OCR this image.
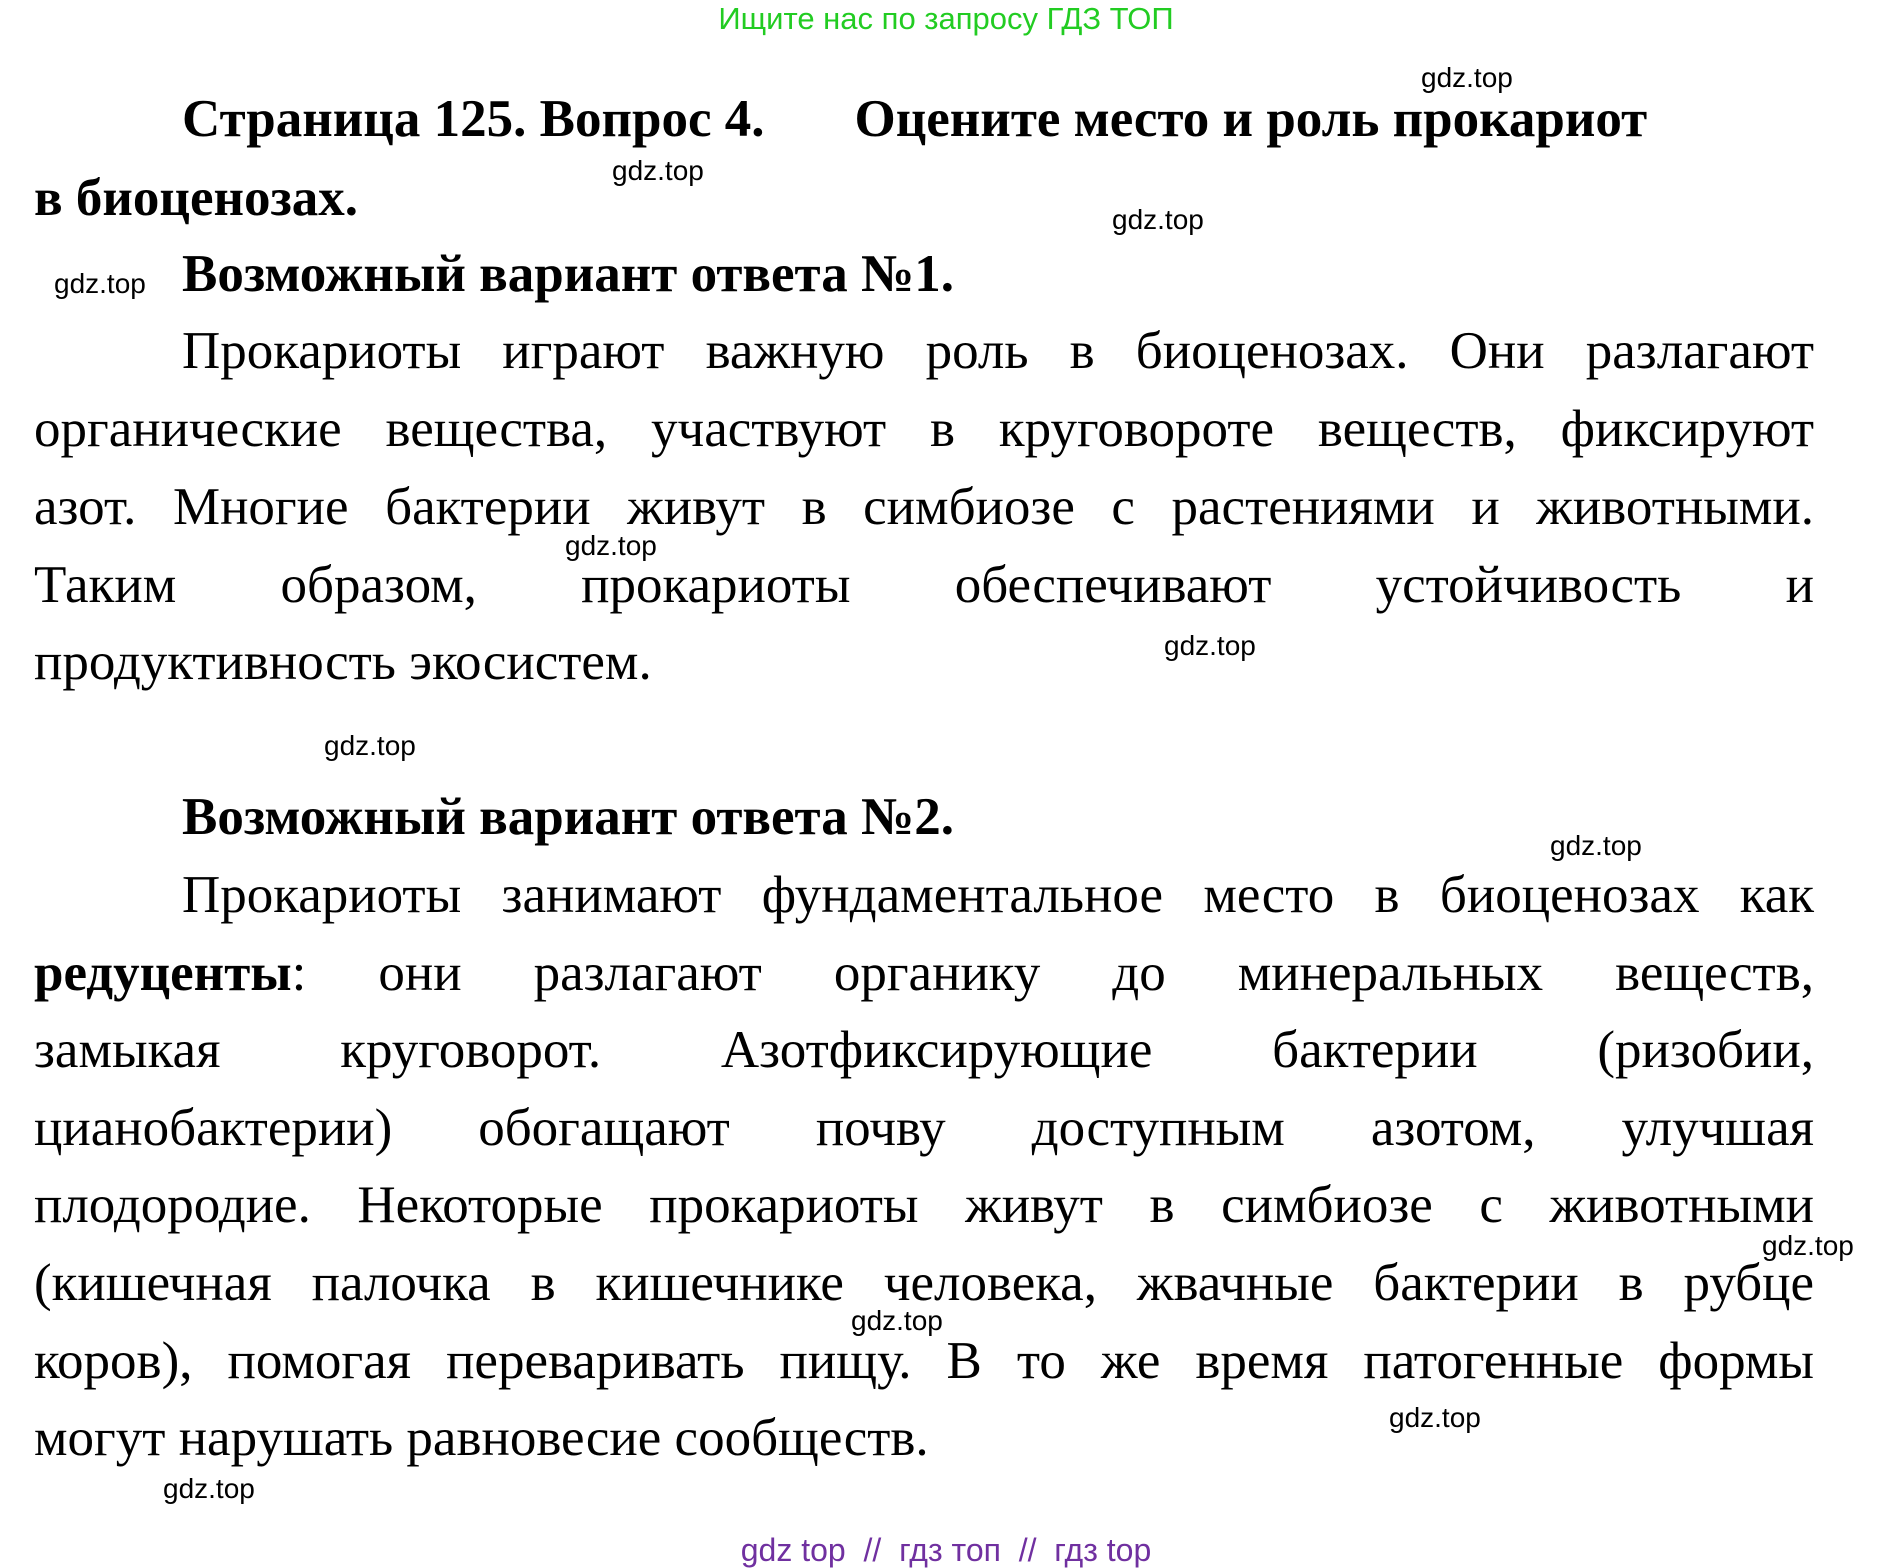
Ищите нас по запросу ГДЗ ТОП
Страница 125. Вопрос 4. Оцените место и роль прокариот
в биоценозах.
Возможный вариант ответа №1.
Прокариоты играют важную роль в биоценозах. Они разлагают
органические вещества, участвуют в круговороте веществ, фиксируют
азот. Многие бактерии живут в симбиозе с растениями и животными.
Таким образом, прокариоты обеспечивают устойчивость и
продуктивность экосистем.
Возможный вариант ответа №2.
Прокариоты занимают фундаментальное место в биоценозах как
редуценты: они разлагают органику до минеральных веществ,
замыкая круговорот. Азотфиксирующие бактерии (ризобии,
цианобактерии) обогащают почву доступным азотом, улучшая
плодородие. Некоторые прокариоты живут в симбиозе с животными
(кишечная палочка в кишечнике человека, жвачные бактерии в рубце
коров), помогая переваривать пищу. В то же время патогенные формы
могут нарушать равновесие сообществ.
gdz.top
gdz.top
gdz.top
gdz.top
gdz.top
gdz.top
gdz.top
gdz.top
gdz.top
gdz.top
gdz.top
gdz.top
gdz top  //  гдз топ  //  гдз top
